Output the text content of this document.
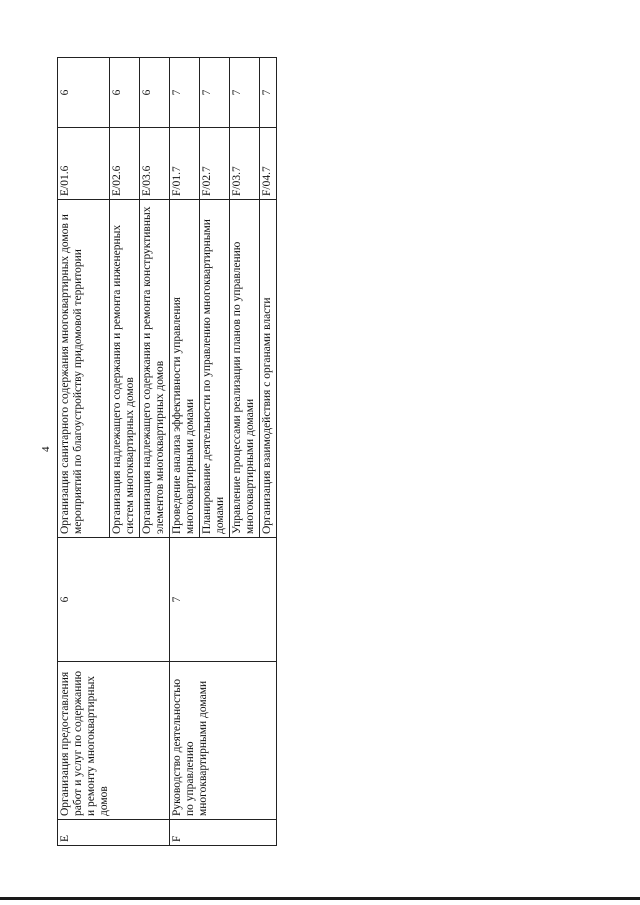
4
E	Организация предоставления работ и услуг по содержанию и ремонту многоквартирных домов	6	Организация санитарного содержания многоквартирных домов и мероприятий по благоустройству придомовой территории	E/01.6	6
			Организация надлежащего содержания и ремонта инженерных систем многоквартирных домов	E/02.6	6
			Организация надлежащего содержания и ремонта конструктивных элементов многоквартирных домов	E/03.6	6
F	Руководство деятельностью по управлению многоквартирными домами	7	Проведение анализа эффективности управления многоквартирными домами	F/01.7	7
			Планирование деятельности по управлению многоквартирными домами	F/02.7	7
			Управление процессами реализации планов по управлению многоквартирными домами	F/03.7	7
			Организация взаимодействия с органами власти	F/04.7	7
